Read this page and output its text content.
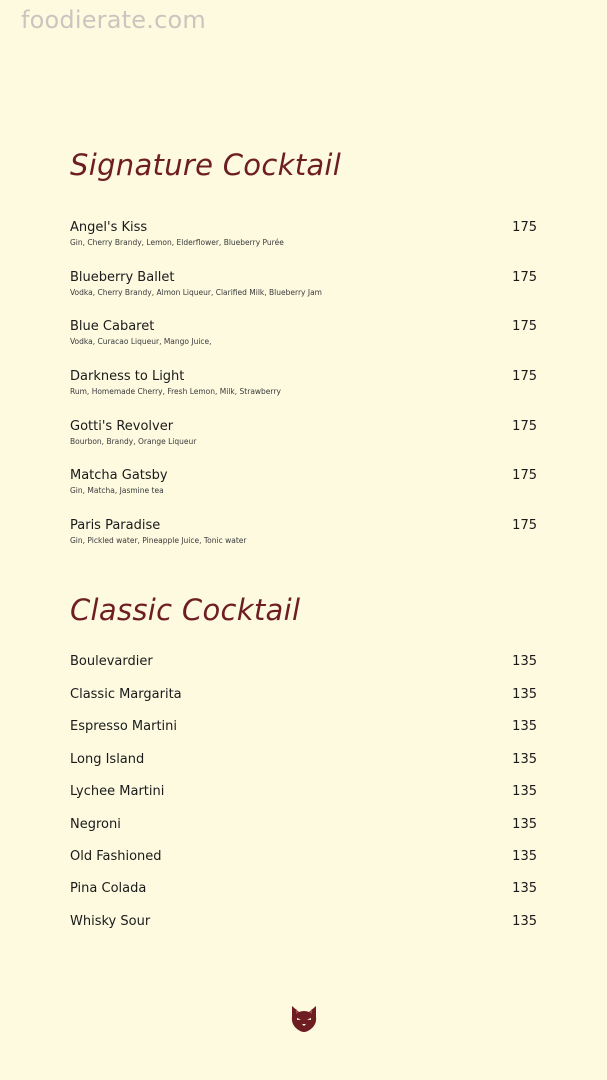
foodierate.com
Signature Cocktail
Angel's Kiss
Gin, Cherry Brandy, Lemon, Elderflower, Blueberry Purée
175
Blueberry Ballet
Vodka, Cherry Brandy, Almon Liqueur, Clarified Milk, Blueberry Jam
175
Blue Cabaret
Vodka, Curacao Liqueur, Mango Juice,
175
Darkness to Light
Rum, Homemade Cherry, Fresh Lemon, Milk, Strawberry
175
Gotti's Revolver
Bourbon, Brandy, Orange Liqueur
175
Matcha Gatsby
Gin, Matcha, Jasmine tea
175
Paris Paradise
Gin, Pickled water, Pineapple Juice, Tonic water
175
Classic Cocktail
Boulevardier	135
Classic Margarita	135
Espresso Martini	135
Long Island	135
Lychee Martini	135
Negroni	135
Old Fashioned	135
Pina Colada	135
Whisky Sour	135
